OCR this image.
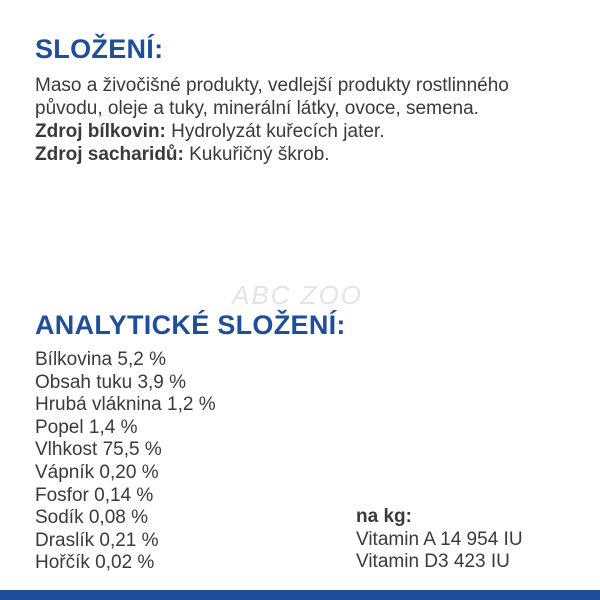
SLOŽENÍ:

Maso a živočišné produkty, vedlejší produkty rostlinného původu, oleje a tuky, minerální látky, ovoce, semena.

Zdroj bílkovin: Hydrolyzát kuřecích jater.

Zdroj sacharidů: Kukuřičný škrob.

ABC ZOO
ANALYTICKÉ SLOŽENÍ:
Bílkovina 5,2 %
Obsah tuku 3,9 %
Hrubá vláknina 1,2 %
Popel 1,4 %
Vlhkost 75,5 %
Vápník 0,20 %
Fosfor 0,14 %
Sodík 0,08 %
Draslík 0,21 %
Hořčík 0,02 %
na kg:
Vitamin A 14 954 IU
Vitamin D3 423 IU
